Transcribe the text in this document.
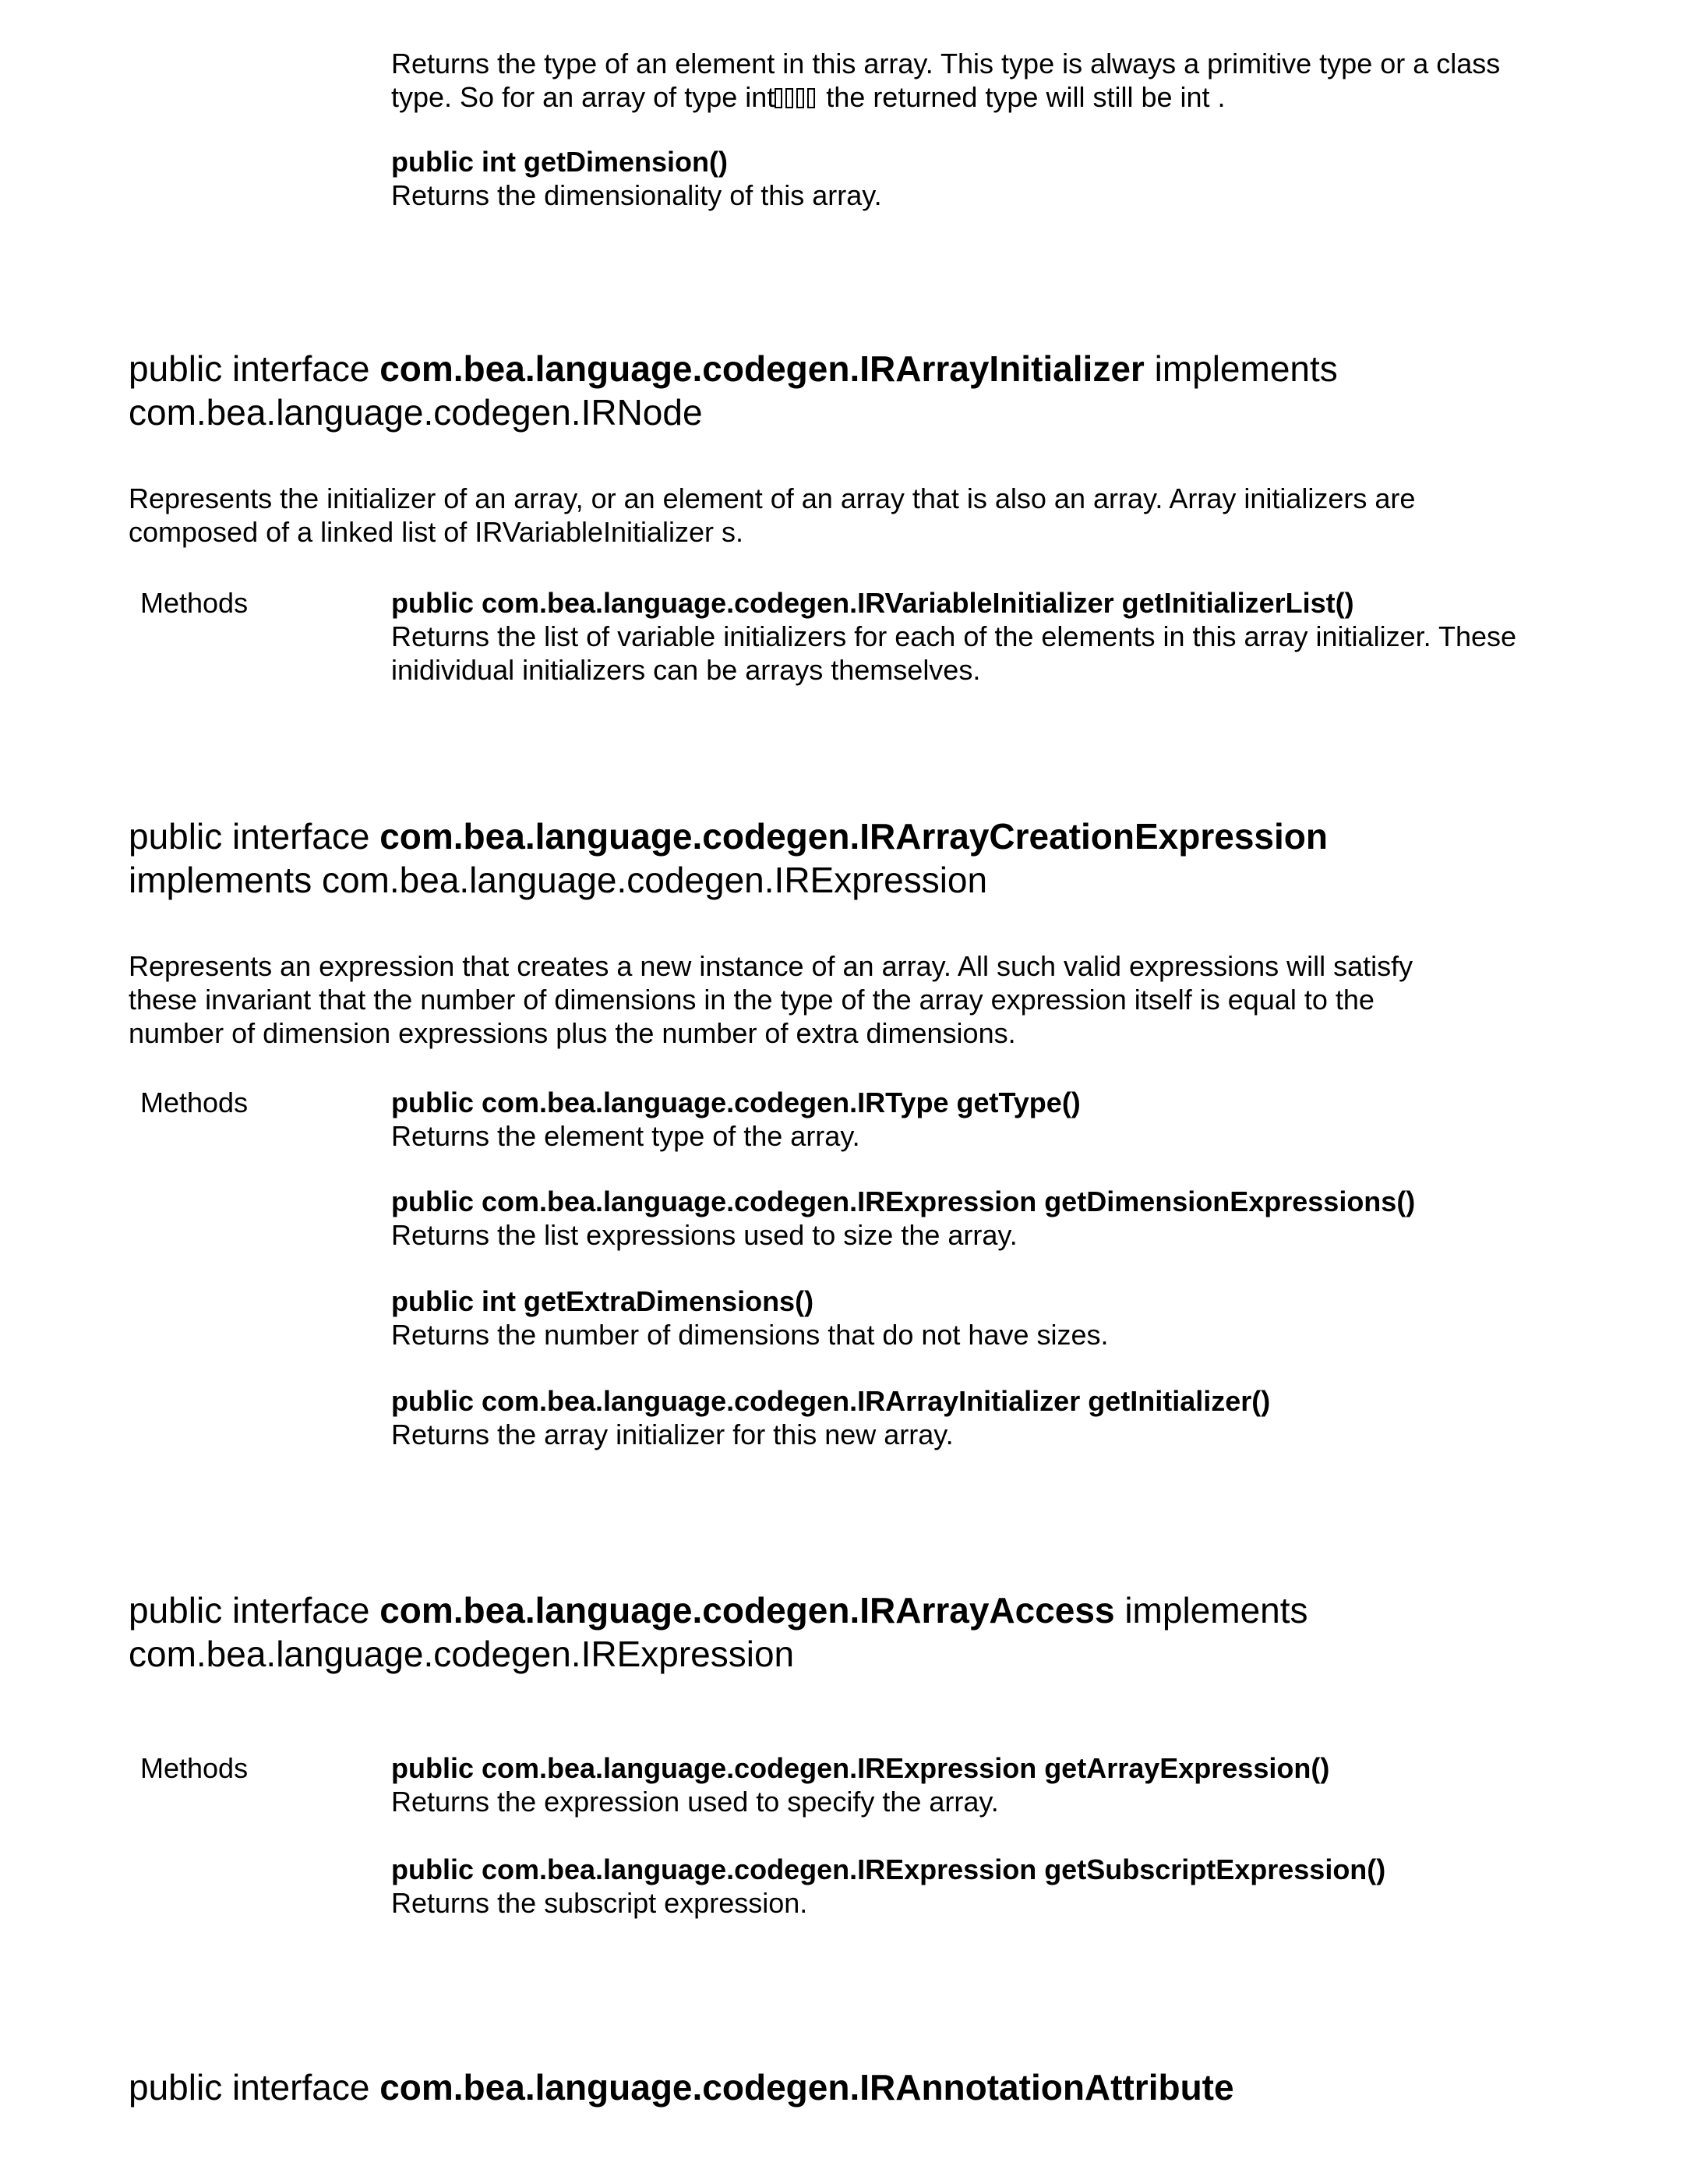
Returns the type of an element in this array. This type is always a primitive type or a class
type. So for an array of type int the returned type will still be int .
public int getDimension()
Returns the dimensionality of this array.
public interface com.bea.language.codegen.IRArrayInitializer implements
com.bea.language.codegen.IRNode
Represents the initializer of an array, or an element of an array that is also an array. Array initializers are
composed of a linked list of IRVariableInitializer s.
Methods	public com.bea.language.codegen.IRVariableInitializer getInitializerList()
Returns the list of variable initializers for each of the elements in this array initializer. These
inidividual initializers can be arrays themselves.
public interface com.bea.language.codegen.IRArrayCreationExpression
implements com.bea.language.codegen.IRExpression
Represents an expression that creates a new instance of an array. All such valid expressions will satisfy
these invariant that the number of dimensions in the type of the array expression itself is equal to the
number of dimension expressions plus the number of extra dimensions.
Methods	public com.bea.language.codegen.IRType getType()
Returns the element type of the array.
public com.bea.language.codegen.IRExpression getDimensionExpressions()
Returns the list expressions used to size the array.
public int getExtraDimensions()
Returns the number of dimensions that do not have sizes.
public com.bea.language.codegen.IRArrayInitializer getInitializer()
Returns the array initializer for this new array.
public interface com.bea.language.codegen.IRArrayAccess implements
com.bea.language.codegen.IRExpression
Methods	public com.bea.language.codegen.IRExpression getArrayExpression()
Returns the expression used to specify the array.
public com.bea.language.codegen.IRExpression getSubscriptExpression()
Returns the subscript expression.
public interface com.bea.language.codegen.IRAnnotationAttribute
